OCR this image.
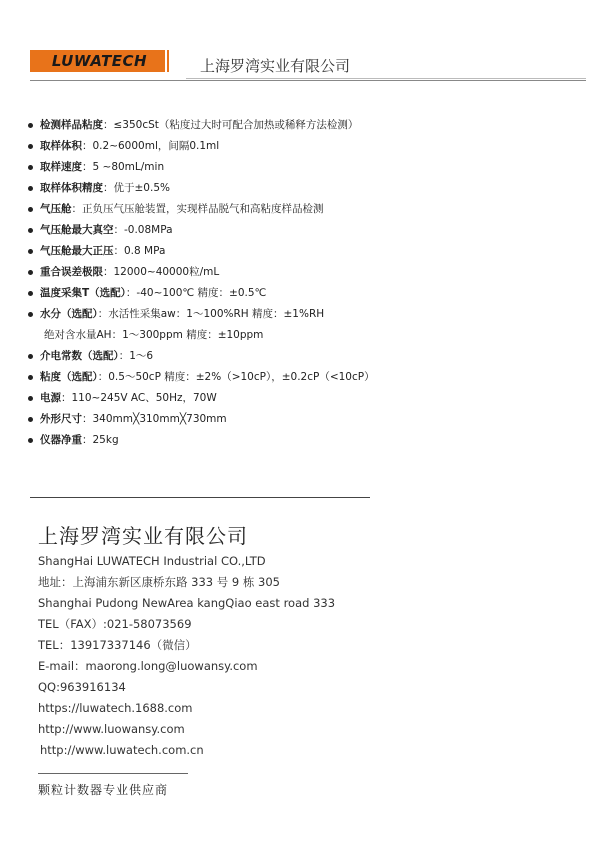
LUWATECH	上海罗湾实业有限公司
检测样品粘度：≤350cSt（粘度过大时可配合加热或稀释方法检测）
取样体积：0.2~6000ml，间隔0.1ml
取样速度：5 ~80mL/min
取样体积精度：优于±0.5%
气压舱：正负压气压舱装置，实现样品脱气和高粘度样品检测
气压舱最大真空：-0.08MPa
气压舱最大正压：0.8 MPa
重合误差极限：12000~40000粒/mL
温度采集T（选配）：-40~100℃ 精度：±0.5℃
水分（选配）：水活性采集aw：1～100%RH 精度：±1%RH
绝对含水量AH：1～300ppm 精度：±10ppm
介电常数（选配）：1～6
粘度（选配）：0.5～50cP 精度：±2%（>10cP），±0.2cP（<10cP）
电源：110~245V AC、50Hz，70W
外形尺寸：340mm╳310mm╳730mm
仪器净重：25kg
上海罗湾实业有限公司
ShangHai LUWATECH Industrial CO.,LTD
地址：上海浦东新区康桥东路 333 号 9 栋 305
Shanghai Pudong NewArea kangQiao east road 333
TEL（FAX）:021-58073569
TEL：13917337146（微信）
E-mail：maorong.long@luowansy.com
QQ:963916134
https://luwatech.1688.com
http://www.luowansy.com
http://www.luwatech.com.cn
颗粒计数器专业供应商
